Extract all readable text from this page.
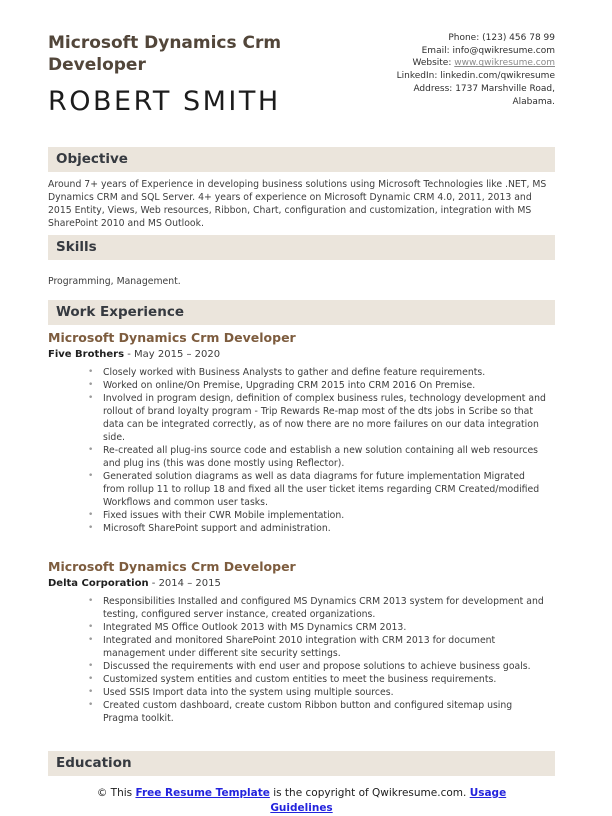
Microsoft Dynamics Crm Developer
ROBERT SMITH
Phone: (123) 456 78 99
Email: info@qwikresume.com
Website: www.qwikresume.com
LinkedIn: linkedin.com/qwikresume
Address: 1737 Marshville Road, Alabama.
Objective

Around 7+ years of Experience in developing business solutions using Microsoft Technologies like .NET, MS Dynamics CRM and SQL Server. 4+ years of experience on Microsoft Dynamic CRM 4.0, 2011, 2013 and 2015 Entity, Views, Web resources, Ribbon, Chart, configuration and customization, integration with MS SharePoint 2010 and MS Outlook.

Skills

Programming, Management.

Work Experience
Microsoft Dynamics Crm Developer
Five Brothers - May 2015 – 2020
• Closely worked with Business Analysts to gather and define feature requirements.
• Worked on online/On Premise, Upgrading CRM 2015 into CRM 2016 On Premise.
• Involved in program design, definition of complex business rules, technology development and rollout of brand loyalty program - Trip Rewards Re-map most of the dts jobs in Scribe so that data can be integrated correctly, as of now there are no more failures on our data integration side.
• Re-created all plug-ins source code and establish a new solution containing all web resources and plug ins (this was done mostly using Reflector).
• Generated solution diagrams as well as data diagrams for future implementation Migrated from rollup 11 to rollup 18 and fixed all the user ticket items regarding CRM Created/modified Workflows and common user tasks.
• Fixed issues with their CWR Mobile implementation.
• Microsoft SharePoint support and administration.
Microsoft Dynamics Crm Developer
Delta Corporation - 2014 – 2015
• Responsibilities Installed and configured MS Dynamics CRM 2013 system for development and testing, configured server instance, created organizations.
• Integrated MS Office Outlook 2013 with MS Dynamics CRM 2013.
• Integrated and monitored SharePoint 2010 integration with CRM 2013 for document management under different site security settings.
• Discussed the requirements with end user and propose solutions to achieve business goals.
• Customized system entities and custom entities to meet the business requirements.
• Used SSIS Import data into the system using multiple sources.
• Created custom dashboard, create custom Ribbon button and configured sitemap using Pragma toolkit.
Education
© This Free Resume Template is the copyright of Qwikresume.com. Usage Guidelines
